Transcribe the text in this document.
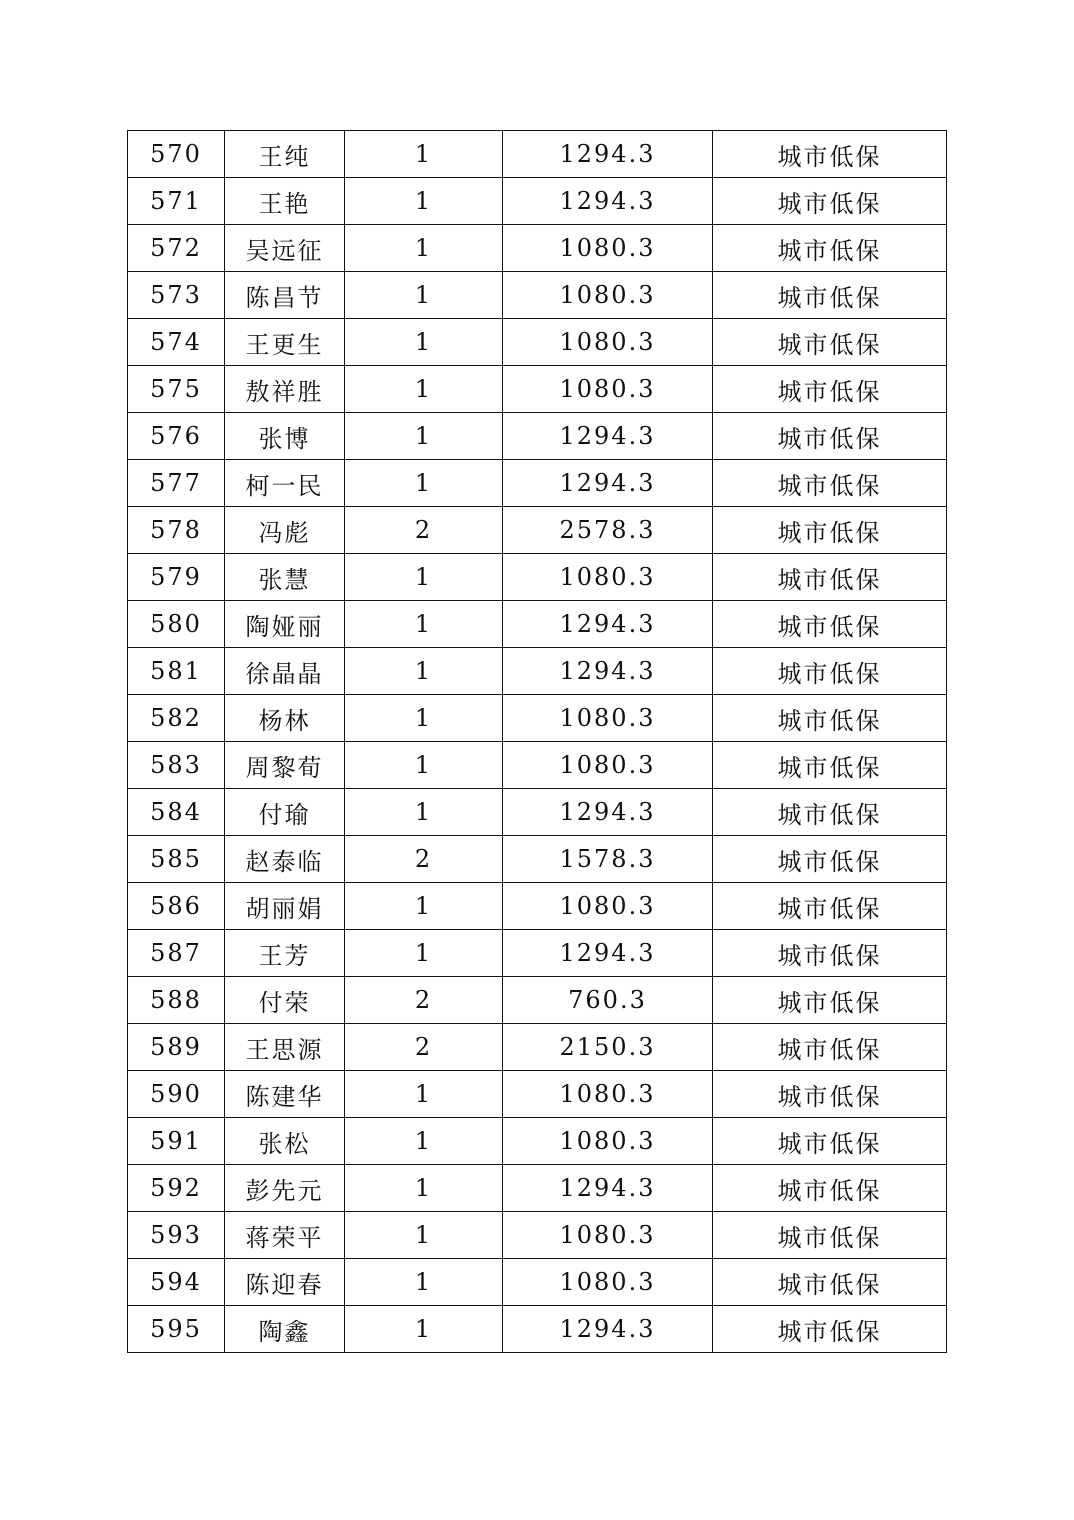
570	王纯	1	1294.3	城市低保
571	王艳	1	1294.3	城市低保
572	吴远征	1	1080.3	城市低保
573	陈昌节	1	1080.3	城市低保
574	王更生	1	1080.3	城市低保
575	敖祥胜	1	1080.3	城市低保
576	张博	1	1294.3	城市低保
577	柯一民	1	1294.3	城市低保
578	冯彪	2	2578.3	城市低保
579	张慧	1	1080.3	城市低保
580	陶娅丽	1	1294.3	城市低保
581	徐晶晶	1	1294.3	城市低保
582	杨林	1	1080.3	城市低保
583	周黎荀	1	1080.3	城市低保
584	付瑜	1	1294.3	城市低保
585	赵泰临	2	1578.3	城市低保
586	胡丽娟	1	1080.3	城市低保
587	王芳	1	1294.3	城市低保
588	付荣	2	760.3	城市低保
589	王思源	2	2150.3	城市低保
590	陈建华	1	1080.3	城市低保
591	张松	1	1080.3	城市低保
592	彭先元	1	1294.3	城市低保
593	蒋荣平	1	1080.3	城市低保
594	陈迎春	1	1080.3	城市低保
595	陶鑫	1	1294.3	城市低保
